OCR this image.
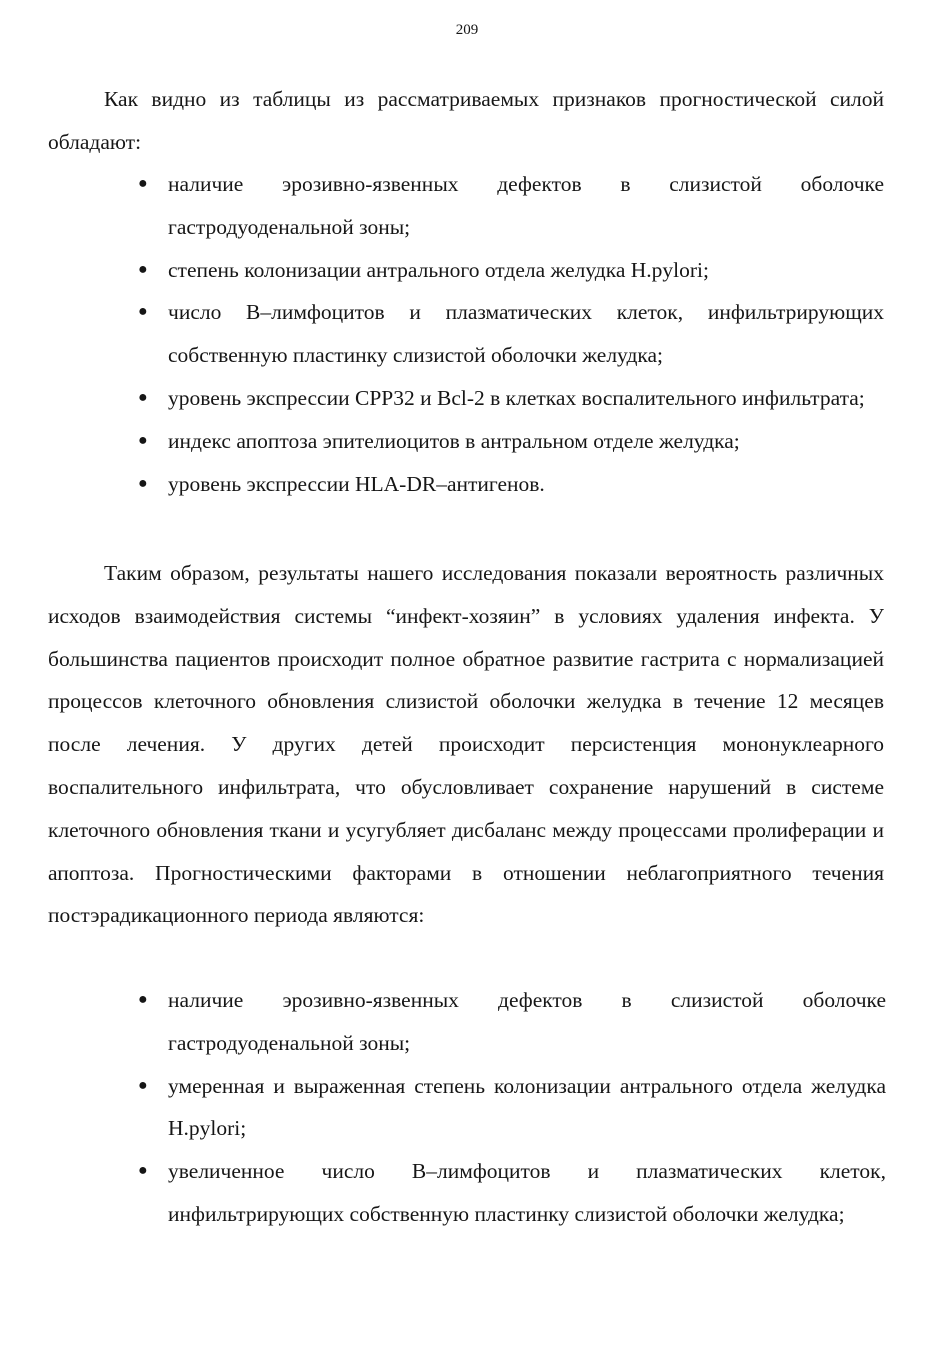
209

Как видно из таблицы из рассматриваемых признаков прогностической силой обладают:

● наличие эрозивно-язвенных дефектов в слизистой оболочке гастродуоденальной зоны;
● степень колонизации антрального отдела желудка H.pylori;
● число В–лимфоцитов и плазматических клеток, инфильтрирующих собственную пластинку слизистой оболочки желудка;
● уровень экспрессии CPP32 и Bcl-2 в клетках воспалительного инфильтрата;
● индекс апоптоза эпителиоцитов в антральном отделе желудка;
● уровень экспрессии HLA-DR–антигенов.

Таким образом, результаты нашего исследования показали вероятность различных исходов взаимодействия системы “инфект-хозяин” в условиях удаления инфекта. У большинства пациентов происходит полное обратное развитие гастрита с нормализацией процессов клеточного обновления слизистой оболочки желудка в течение 12 месяцев после лечения. У других детей происходит персистенция мононуклеарного воспалительного инфильтрата, что обусловливает сохранение нарушений в системе клеточного обновления ткани и усугубляет дисбаланс между процессами пролиферации и апоптоза. Прогностическими факторами в отношении неблагоприятного течения постэрадикационного периода являются:

● наличие эрозивно-язвенных дефектов в слизистой оболочке гастродуоденальной зоны;
● умеренная и выраженная степень колонизации антрального отдела желудка H.pylori;
● увеличенное число В–лимфоцитов и плазматических клеток, инфильтрирующих собственную пластинку слизистой оболочки желудка;
